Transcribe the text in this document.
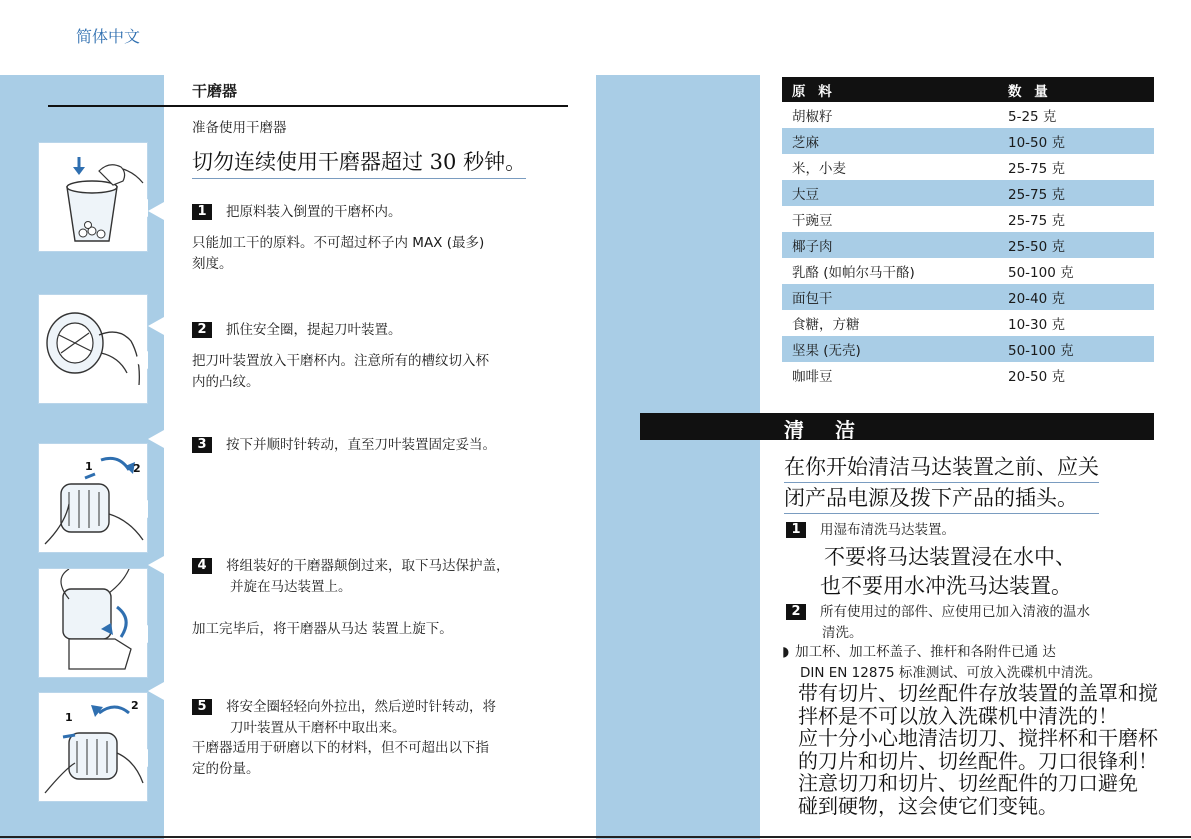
简体中文
干磨器
准备使用干磨器
切勿连续使用干磨器超过 30 秒钟。
1	2
1
2
1 把原料装入倒置的干磨杯内。
只能加工干的原料。不可超过杯子内 MAX (最多)
刻度。
2 抓住安全圈，提起刀叶装置。
把刀叶装置放入干磨杯内。注意所有的槽纹切入杯
内的凸纹。
3 按下并顺时针转动，直至刀叶装置固定妥当。
4 将组装好的干磨器颠倒过来，取下马达保护盖，
并旋在马达装置上。
加工完毕后，将干磨器从马达 装置上旋下。
5 将安全圈轻轻向外拉出，然后逆时针转动，将
刀叶装置从干磨杯中取出来。
干磨器适用于研磨以下的材料，但不可超出以下指
定的份量。
原 料	数 量
胡椒籽	5-25 克
芝麻	10-50 克
米，小麦	25-75 克
大豆	25-75 克
干豌豆	25-75 克
椰子肉	25-50 克
乳酪 (如帕尔马干酪)	50-100 克
面包干	20-40 克
食糖，方糖	10-30 克
坚果 (无壳)	50-100 克
咖啡豆	20-50 克
清 洁
在你开始清洁马达装置之前、应关
闭产品电源及拨下产品的插头。
1 用湿布清洗马达装置。
不要将马达装置浸在水中、
也不要用水冲洗马达装置。
2 所有使用过的部件、应使用已加入清液的温水
清洗。
◗ 加工杯、加工杯盖子、推杆和各附件已通 达
DIN EN 12875 标准测试、可放入洗碟机中清洗。
带有切片、切丝配件存放装置的盖罩和搅
拌杯是不可以放入洗碟机中清洗的！
应十分小心地清洁切刀、搅拌杯和干磨杯
的刀片和切片、切丝配件。刀口很锋利！
注意切刀和切片、切丝配件的刀口避免
碰到硬物，这会使它们变钝。
